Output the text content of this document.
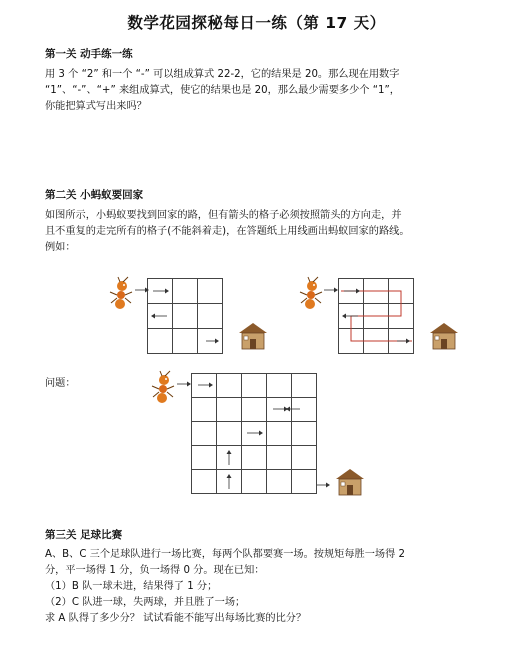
数学花园探秘每日一练（第 17 天）
第一关 动手练一练
用 3 个 “2” 和一个 “-” 可以组成算式 22-2，它的结果是 20。那么现在用数字
“1”、“-”、“+” 来组成算式，使它的结果也是 20，那么最少需要多少个 “1”，
你能把算式写出来吗？
第二关 小蚂蚁要回家
如图所示，小蚂蚁要找到回家的路，但有箭头的格子必须按照箭头的方向走，并
且不重复的走完所有的格子(不能斜着走)，在答题纸上用线画出蚂蚁回家的路线。
例如：
问题：
第三关 足球比赛
A、B、C 三个足球队进行一场比赛，每两个队都要赛一场。按规矩每胜一场得 2
分，平一场得 1 分，负一场得 0 分。现在已知：
（1）B 队一球未进，结果得了 1 分；
（2）C 队进一球，失两球，并且胜了一场；
求 A 队得了多少分？ 试试看能不能写出每场比赛的比分？
